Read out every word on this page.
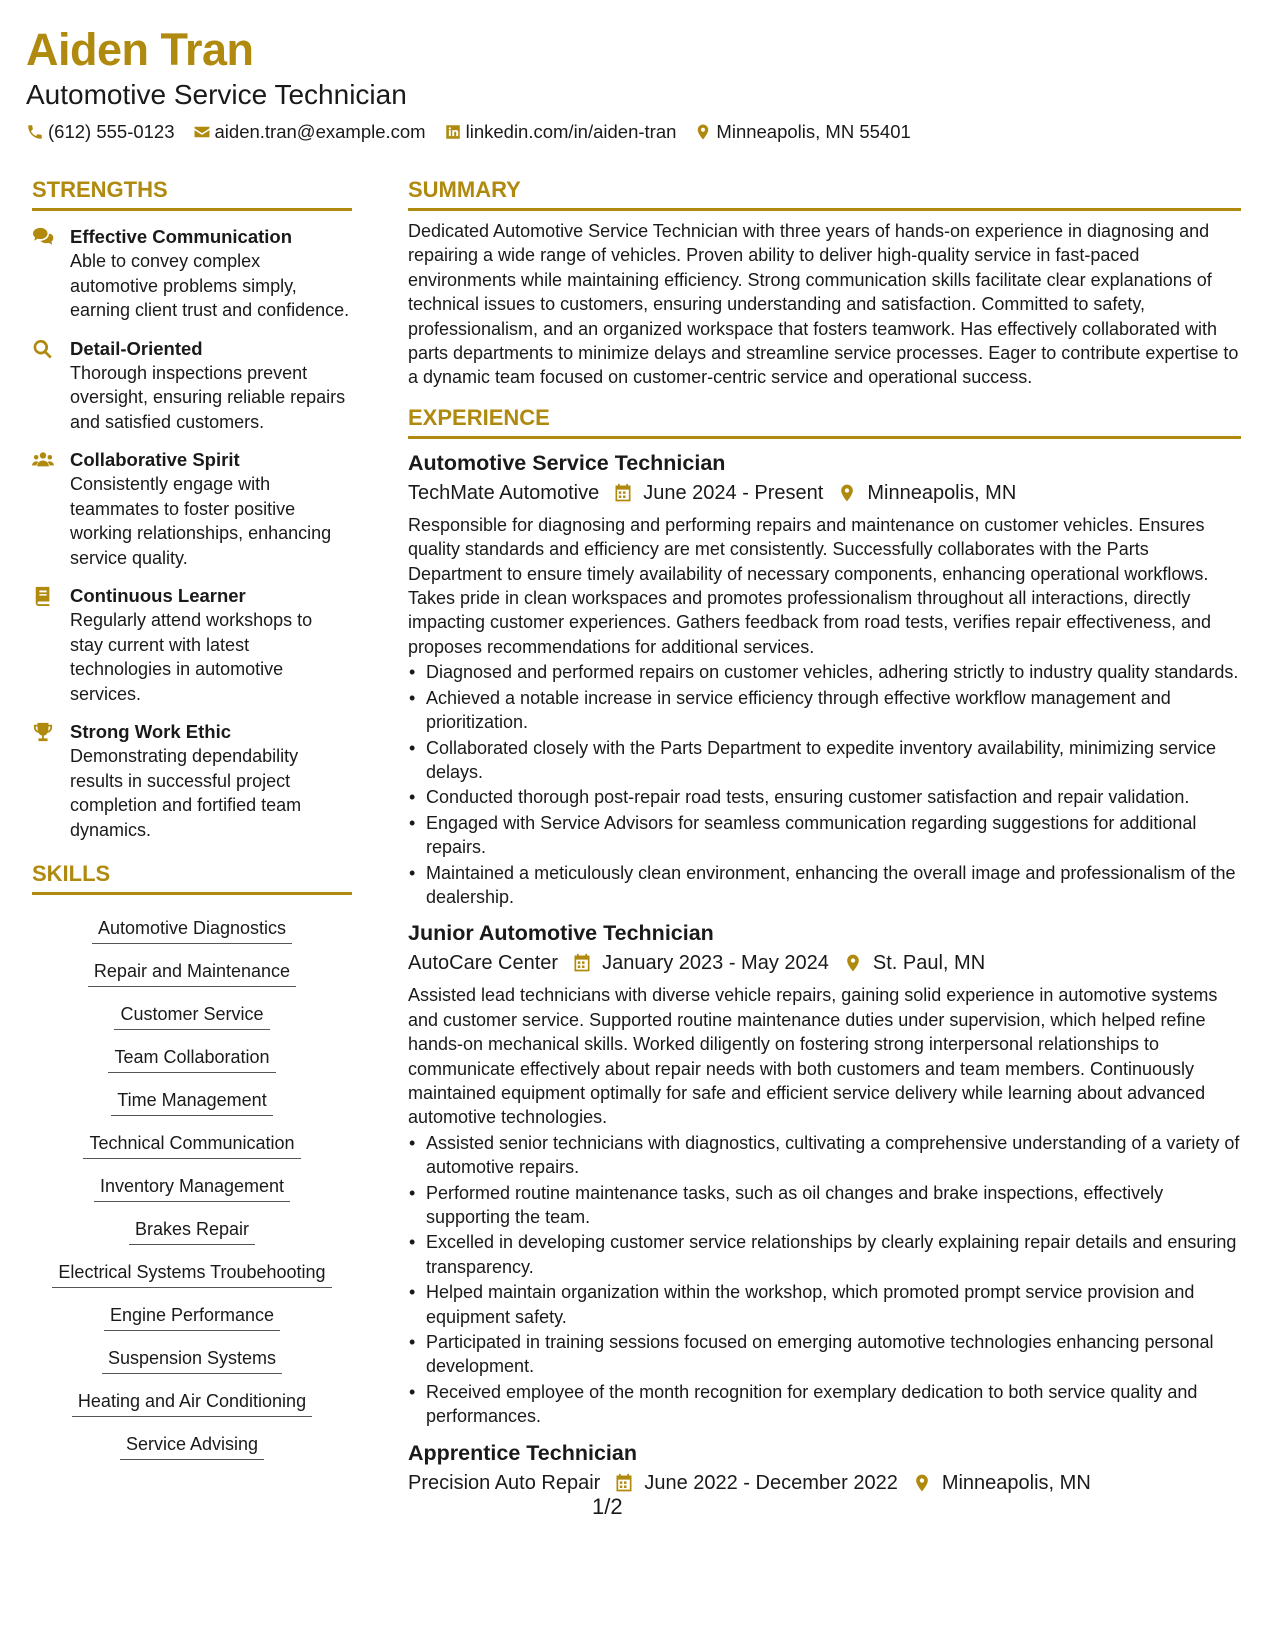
Aiden Tran
Automotive Service Technician
(612) 555-0123 aiden.tran@example.com linkedin.com/in/aiden-tran Minneapolis, MN 55401
STRENGTHS
Effective Communication
Able to convey complex automotive problems simply, earning client trust and confidence.
Detail-Oriented
Thorough inspections prevent oversight, ensuring reliable repairs and satisfied customers.
Collaborative Spirit
Consistently engage with teammates to foster positive working relationships, enhancing service quality.
Continuous Learner
Regularly attend workshops to stay current with latest technologies in automotive services.
Strong Work Ethic
Demonstrating dependability results in successful project completion and fortified team dynamics.
SKILLS
Automotive Diagnostics
Repair and Maintenance
Customer Service
Team Collaboration
Time Management
Technical Communication
Inventory Management
Brakes Repair
Electrical Systems Troubehooting
Engine Performance
Suspension Systems
Heating and Air Conditioning
Service Advising
SUMMARY
Dedicated Automotive Service Technician with three years of hands-on experience in diagnosing and repairing a wide range of vehicles. Proven ability to deliver high-quality service in fast-paced environments while maintaining efficiency. Strong communication skills facilitate clear explanations of technical issues to customers, ensuring understanding and satisfaction. Committed to safety, professionalism, and an organized workspace that fosters teamwork. Has effectively collaborated with parts departments to minimize delays and streamline service processes. Eager to contribute expertise to a dynamic team focused on customer-centric service and operational success.
EXPERIENCE
Automotive Service Technician
TechMate Automotive June 2024 - Present Minneapolis, MN
Responsible for diagnosing and performing repairs and maintenance on customer vehicles. Ensures quality standards and efficiency are met consistently. Successfully collaborates with the Parts Department to ensure timely availability of necessary components, enhancing operational workflows. Takes pride in clean workspaces and promotes professionalism throughout all interactions, directly impacting customer experiences. Gathers feedback from road tests, verifies repair effectiveness, and proposes recommendations for additional services.
• Diagnosed and performed repairs on customer vehicles, adhering strictly to industry quality standards.
• Achieved a notable increase in service efficiency through effective workflow management and prioritization.
• Collaborated closely with the Parts Department to expedite inventory availability, minimizing service delays.
• Conducted thorough post-repair road tests, ensuring customer satisfaction and repair validation.
• Engaged with Service Advisors for seamless communication regarding suggestions for additional repairs.
• Maintained a meticulously clean environment, enhancing the overall image and professionalism of the dealership.
Junior Automotive Technician
AutoCare Center January 2023 - May 2024 St. Paul, MN
Assisted lead technicians with diverse vehicle repairs, gaining solid experience in automotive systems and customer service. Supported routine maintenance duties under supervision, which helped refine hands-on mechanical skills. Worked diligently on fostering strong interpersonal relationships to communicate effectively about repair needs with both customers and team members. Continuously maintained equipment optimally for safe and efficient service delivery while learning about advanced automotive technologies.
• Assisted senior technicians with diagnostics, cultivating a comprehensive understanding of a variety of automotive repairs.
• Performed routine maintenance tasks, such as oil changes and brake inspections, effectively supporting the team.
• Excelled in developing customer service relationships by clearly explaining repair details and ensuring transparency.
• Helped maintain organization within the workshop, which promoted prompt service provision and equipment safety.
• Participated in training sessions focused on emerging automotive technologies enhancing personal development.
• Received employee of the month recognition for exemplary dedication to both service quality and performances.
Apprentice Technician
Precision Auto Repair June 2022 - December 2022 Minneapolis, MN
1/2
